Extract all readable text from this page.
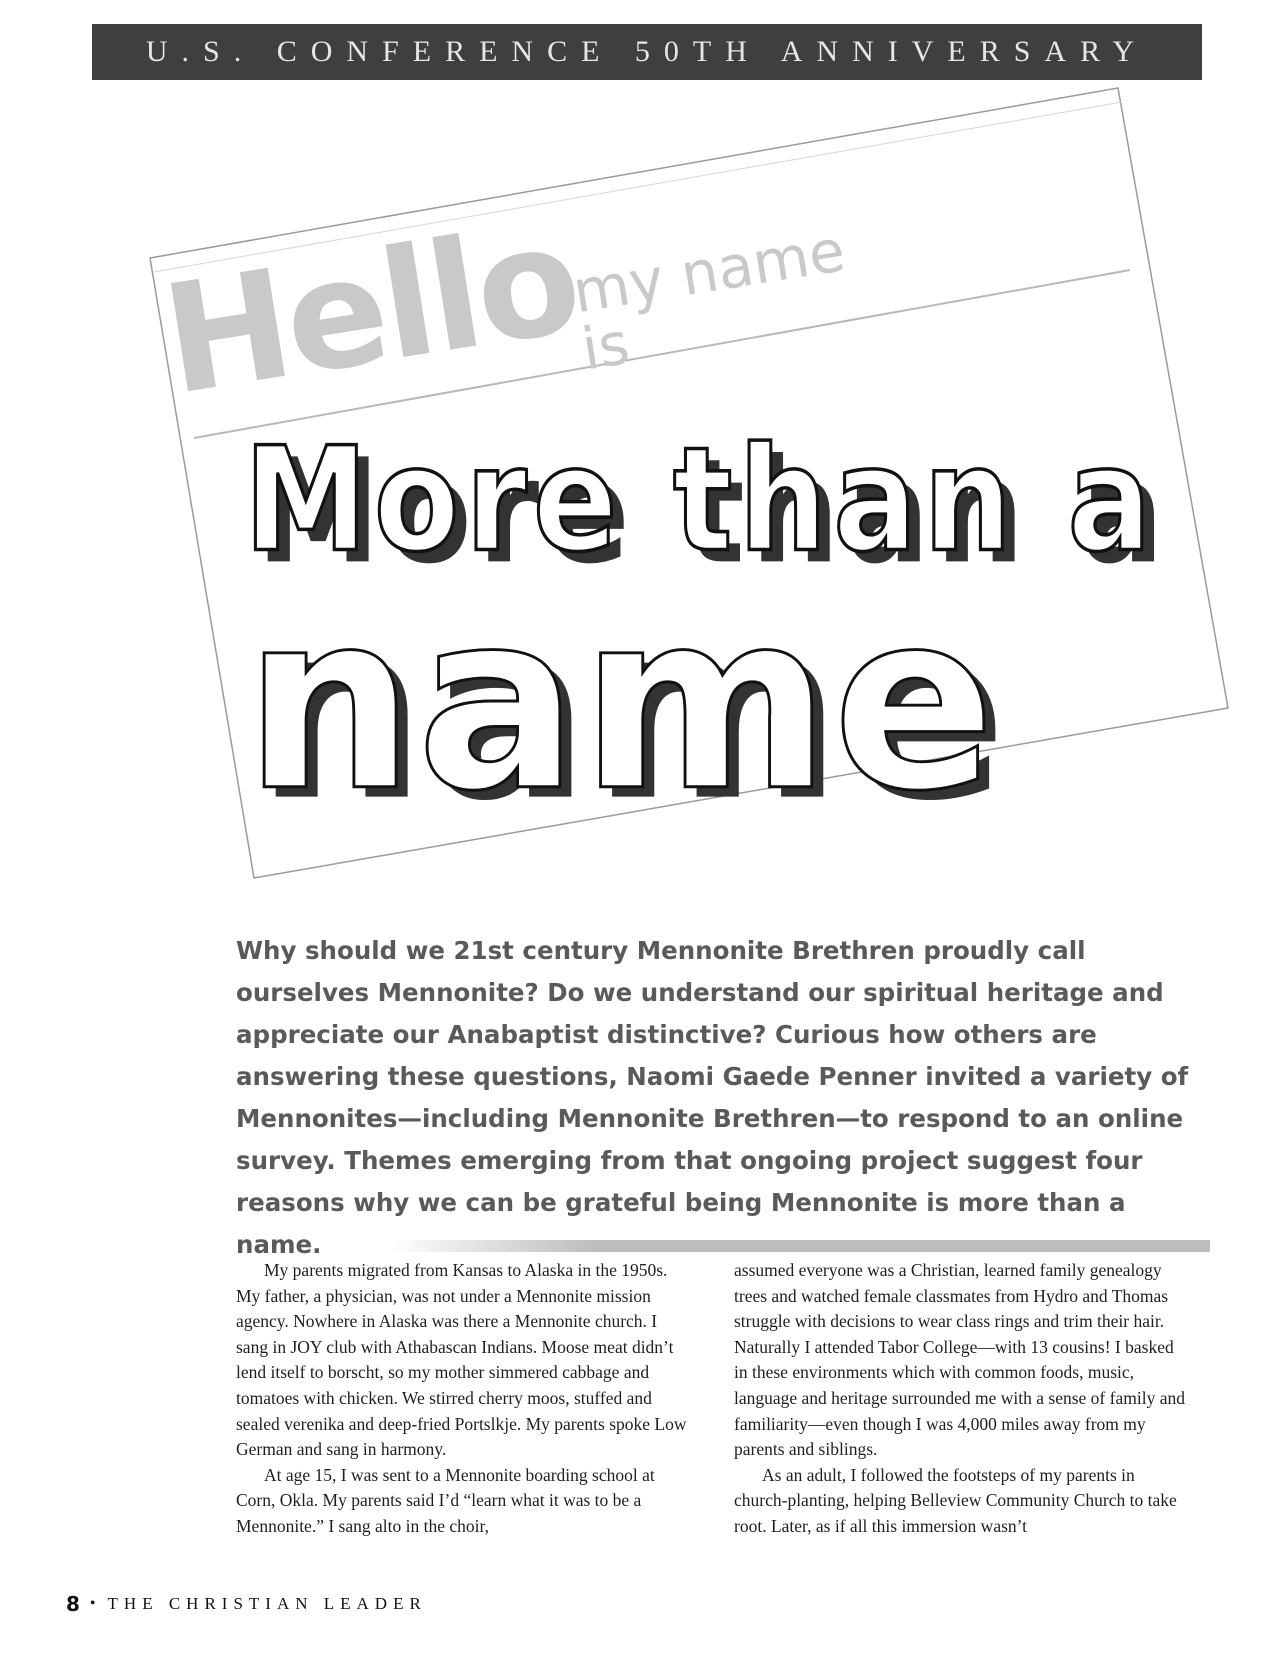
U.S. CONFERENCE 50TH ANNIVERSARY
Hello
my name is
More than a
name
Why should we 21st century Mennonite Brethren proudly call ourselves Mennonite? Do we understand our spiritual heritage and appreciate our Anabaptist distinctive? Curious how others are answering these questions, Naomi Gaede Penner invited a variety of Mennonites—including Mennonite Brethren—to respond to an online survey. Themes emerging from that ongoing project suggest four reasons why we can be grateful being Mennonite is more than a name.

My parents migrated from Kansas to Alaska in the 1950s. My father, a physician, was not under a Mennonite mission agency. Nowhere in Alaska was there a Mennonite church. I sang in JOY club with Athabascan Indians. Moose meat didn’t lend itself to borscht, so my mother simmered cabbage and tomatoes with chicken. We stirred cherry moos, stuffed and sealed verenika and deep-fried Portslkje. My parents spoke Low German and sang in harmony.

At age 15, I was sent to a Mennonite boarding school at Corn, Okla. My parents said I’d “learn what it was to be a Mennonite.” I sang alto in the choir,

assumed everyone was a Christian, learned family genealogy trees and watched female classmates from Hydro and Thomas struggle with decisions to wear class rings and trim their hair. Naturally I attended Tabor College—with 13 cousins! I basked in these environments which with common foods, music, language and heritage surrounded me with a sense of family and familiarity—even though I was 4,000 miles away from my parents and siblings.

As an adult, I followed the footsteps of my parents in church-planting, helping Belleview Community Church to take root. Later, as if all this immersion wasn’t

8 • THE CHRISTIAN LEADER
